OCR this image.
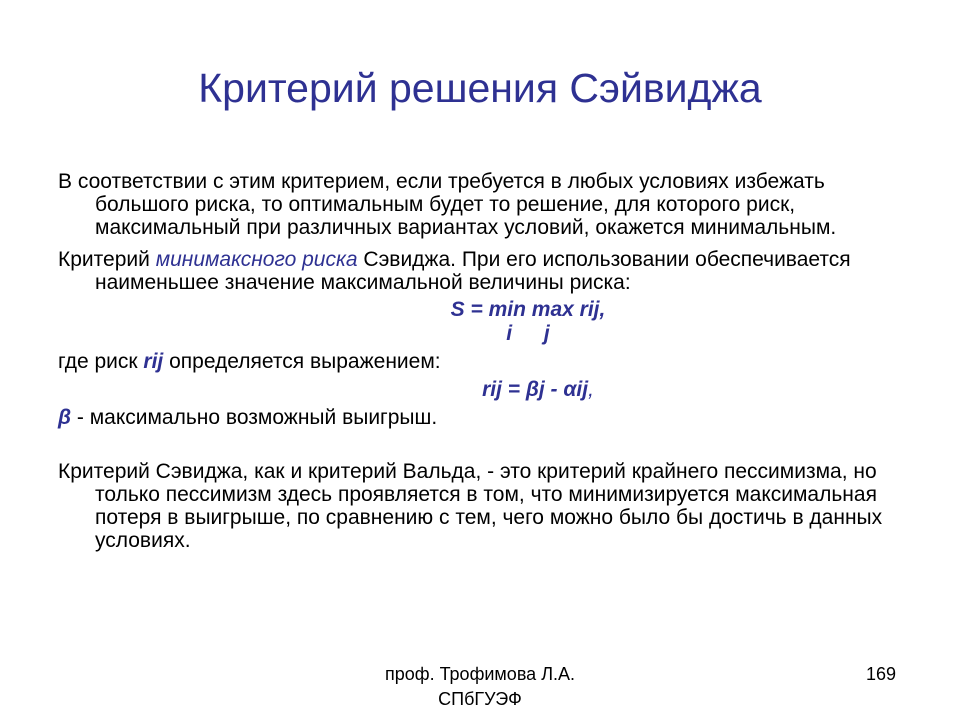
Критерий решения Сэйвиджа

В соответствии с этим критерием, если требуется в любых условиях избежать большого риска, то оптимальным будет то решение, для которого риск, максимальный при различных вариантах условий, окажется минимальным.

Критерий минимаксного риска Сэвиджа. При его использовании обеспечивается наименьшее значение максимальной величины риска:

S = min max rij,

i j

где риск rij определяется выражением:

rij = βj - αij,

β - максимально возможный выигрыш.

Критерий Сэвиджа, как и критерий Вальда, - это критерий крайнего пессимизма, но только пессимизм здесь проявляется в том, что минимизируется максимальная потеря в выигрыше, по сравнению с тем, чего можно было бы достичь в данных условиях.

проф. Трофимова Л.А.
СПбГУЭФ
169
